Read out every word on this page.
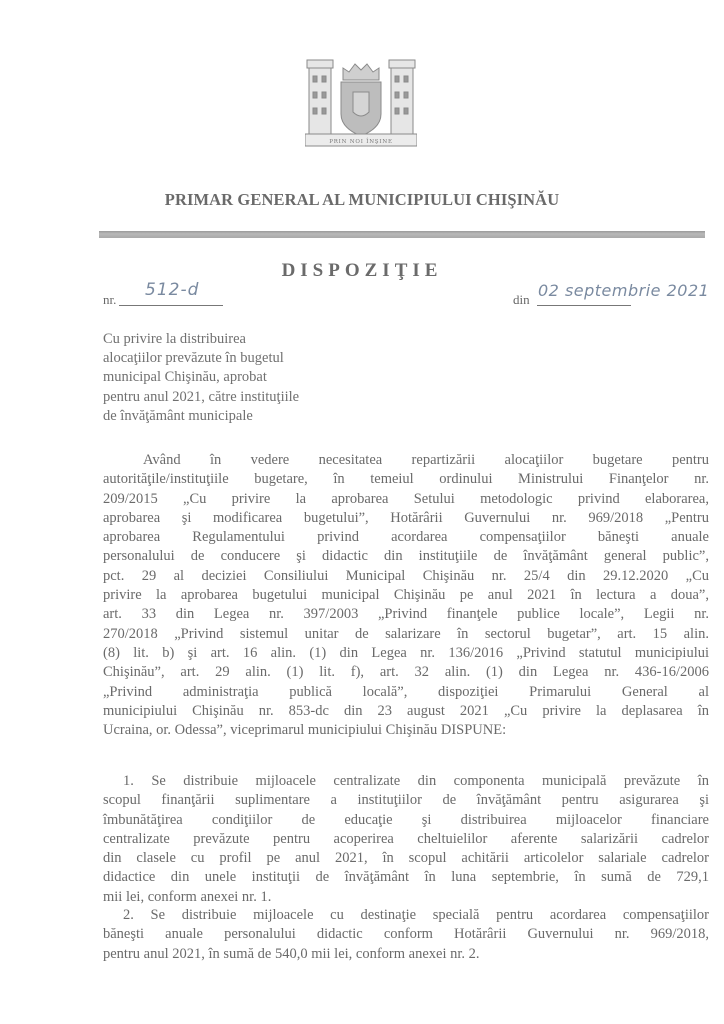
PRIN NOI ÎNŞINE
PRIMAR GENERAL AL MUNICIPIULUI CHIŞINĂU
DISPOZIŢIE
nr. 512-d	din 02 septembrie 2021
Cu privire la distribuirea
alocaţiilor prevăzute în bugetul
municipal Chişinău, aprobat
pentru anul 2021, către instituţiile
de învăţământ municipale
Având în vedere necesitatea repartizării alocaţiilor bugetare pentru
autorităţile/instituţiile bugetare, în temeiul ordinului Ministrului Finanţelor nr.
209/2015 „Cu privire la aprobarea Setului metodologic privind elaborarea,
aprobarea şi modificarea bugetului”, Hotărârii Guvernului nr. 969/2018 „Pentru
aprobarea Regulamentului privind acordarea compensaţiilor băneşti anuale
personalului de conducere şi didactic din instituţiile de învăţământ general public”,
pct. 29 al deciziei Consiliului Municipal Chişinău nr. 25/4 din 29.12.2020 „Cu
privire la aprobarea bugetului municipal Chişinău pe anul 2021 în lectura a doua”,
art. 33 din Legea nr. 397/2003 „Privind finanţele publice locale”, Legii nr.
270/2018 „Privind sistemul unitar de salarizare în sectorul bugetar”, art. 15 alin.
(8) lit. b) şi art. 16 alin. (1) din Legea nr. 136/2016 „Privind statutul municipiului
Chişinău”, art. 29 alin. (1) lit. f), art. 32 alin. (1) din Legea nr. 436-16/2006
„Privind administraţia publică locală”, dispoziţiei Primarului General al
municipiului Chişinău nr. 853-dc din 23 august 2021 „Cu privire la deplasarea în
Ucraina, or. Odessa”, viceprimarul municipiului Chişinău DISPUNE:
1. Se distribuie mijloacele centralizate din componenta municipală prevăzute în
scopul finanţării suplimentare a instituţiilor de învăţământ pentru asigurarea şi
îmbunătăţirea condiţiilor de educaţie şi distribuirea mijloacelor financiare
centralizate prevăzute pentru acoperirea cheltuielilor aferente salarizării cadrelor
din clasele cu profil pe anul 2021, în scopul achitării articolelor salariale cadrelor
didactice din unele instituţii de învăţământ în luna septembrie, în sumă de 729,1
mii lei, conform anexei nr. 1.
2. Se distribuie mijloacele cu destinaţie specială pentru acordarea compensaţiilor
băneşti anuale personalului didactic conform Hotărârii Guvernului nr. 969/2018,
pentru anul 2021, în sumă de 540,0 mii lei, conform anexei nr. 2.
